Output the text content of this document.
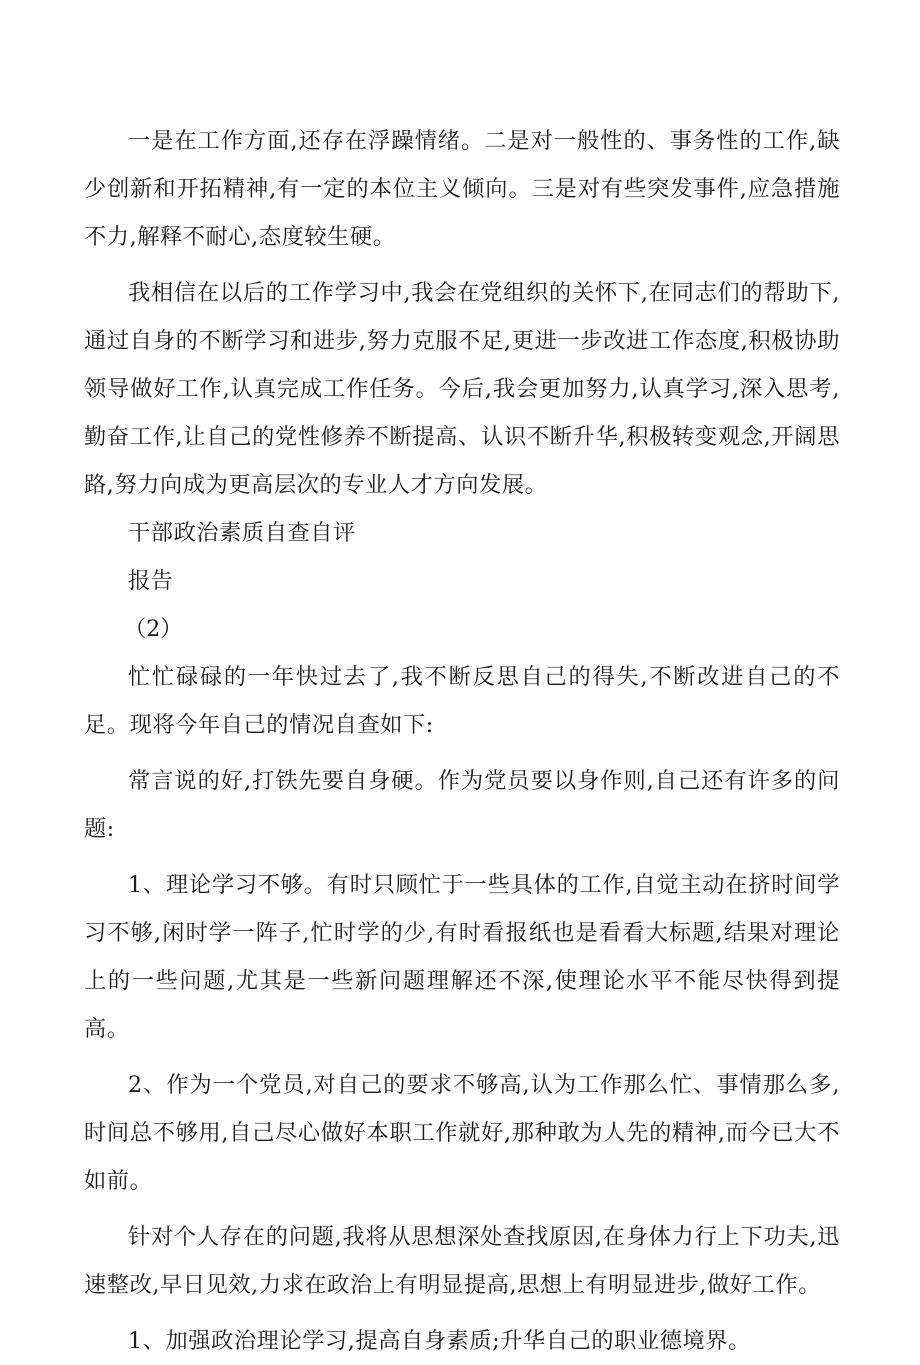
一是在工作方面,还存在浮躁情绪。二是对一般性的、事务性的工作,缺少创新和开拓精神,有一定的本位主义倾向。三是对有些突发事件,应急措施不力,解释不耐心,态度较生硬。

我相信在以后的工作学习中,我会在党组织的关怀下,在同志们的帮助下,通过自身的不断学习和进步,努力克服不足,更进一步改进工作态度,积极协助领导做好工作,认真完成工作任务。今后,我会更加努力,认真学习,深入思考,勤奋工作,让自己的党性修养不断提高、认识不断升华,积极转变观念,开阔思路,努力向成为更高层次的专业人才方向发展。

干部政治素质自查自评

报告

（2）

忙忙碌碌的一年快过去了,我不断反思自己的得失,不断改进自己的不足。现将今年自己的情况自查如下:

常言说的好,打铁先要自身硬。作为党员要以身作则,自己还有许多的问题:

1、理论学习不够。有时只顾忙于一些具体的工作,自觉主动在挤时间学习不够,闲时学一阵子,忙时学的少,有时看报纸也是看看大标题,结果对理论上的一些问题,尤其是一些新问题理解还不深,使理论水平不能尽快得到提高。

2、作为一个党员,对自己的要求不够高,认为工作那么忙、事情那么多,时间总不够用,自己尽心做好本职工作就好,那种敢为人先的精神,而今已大不如前。

针对个人存在的问题,我将从思想深处查找原因,在身体力行上下功夫,迅速整改,早日见效,力求在政治上有明显提高,思想上有明显进步,做好工作。

1、加强政治理论学习,提高自身素质;升华自己的职业德境界。
